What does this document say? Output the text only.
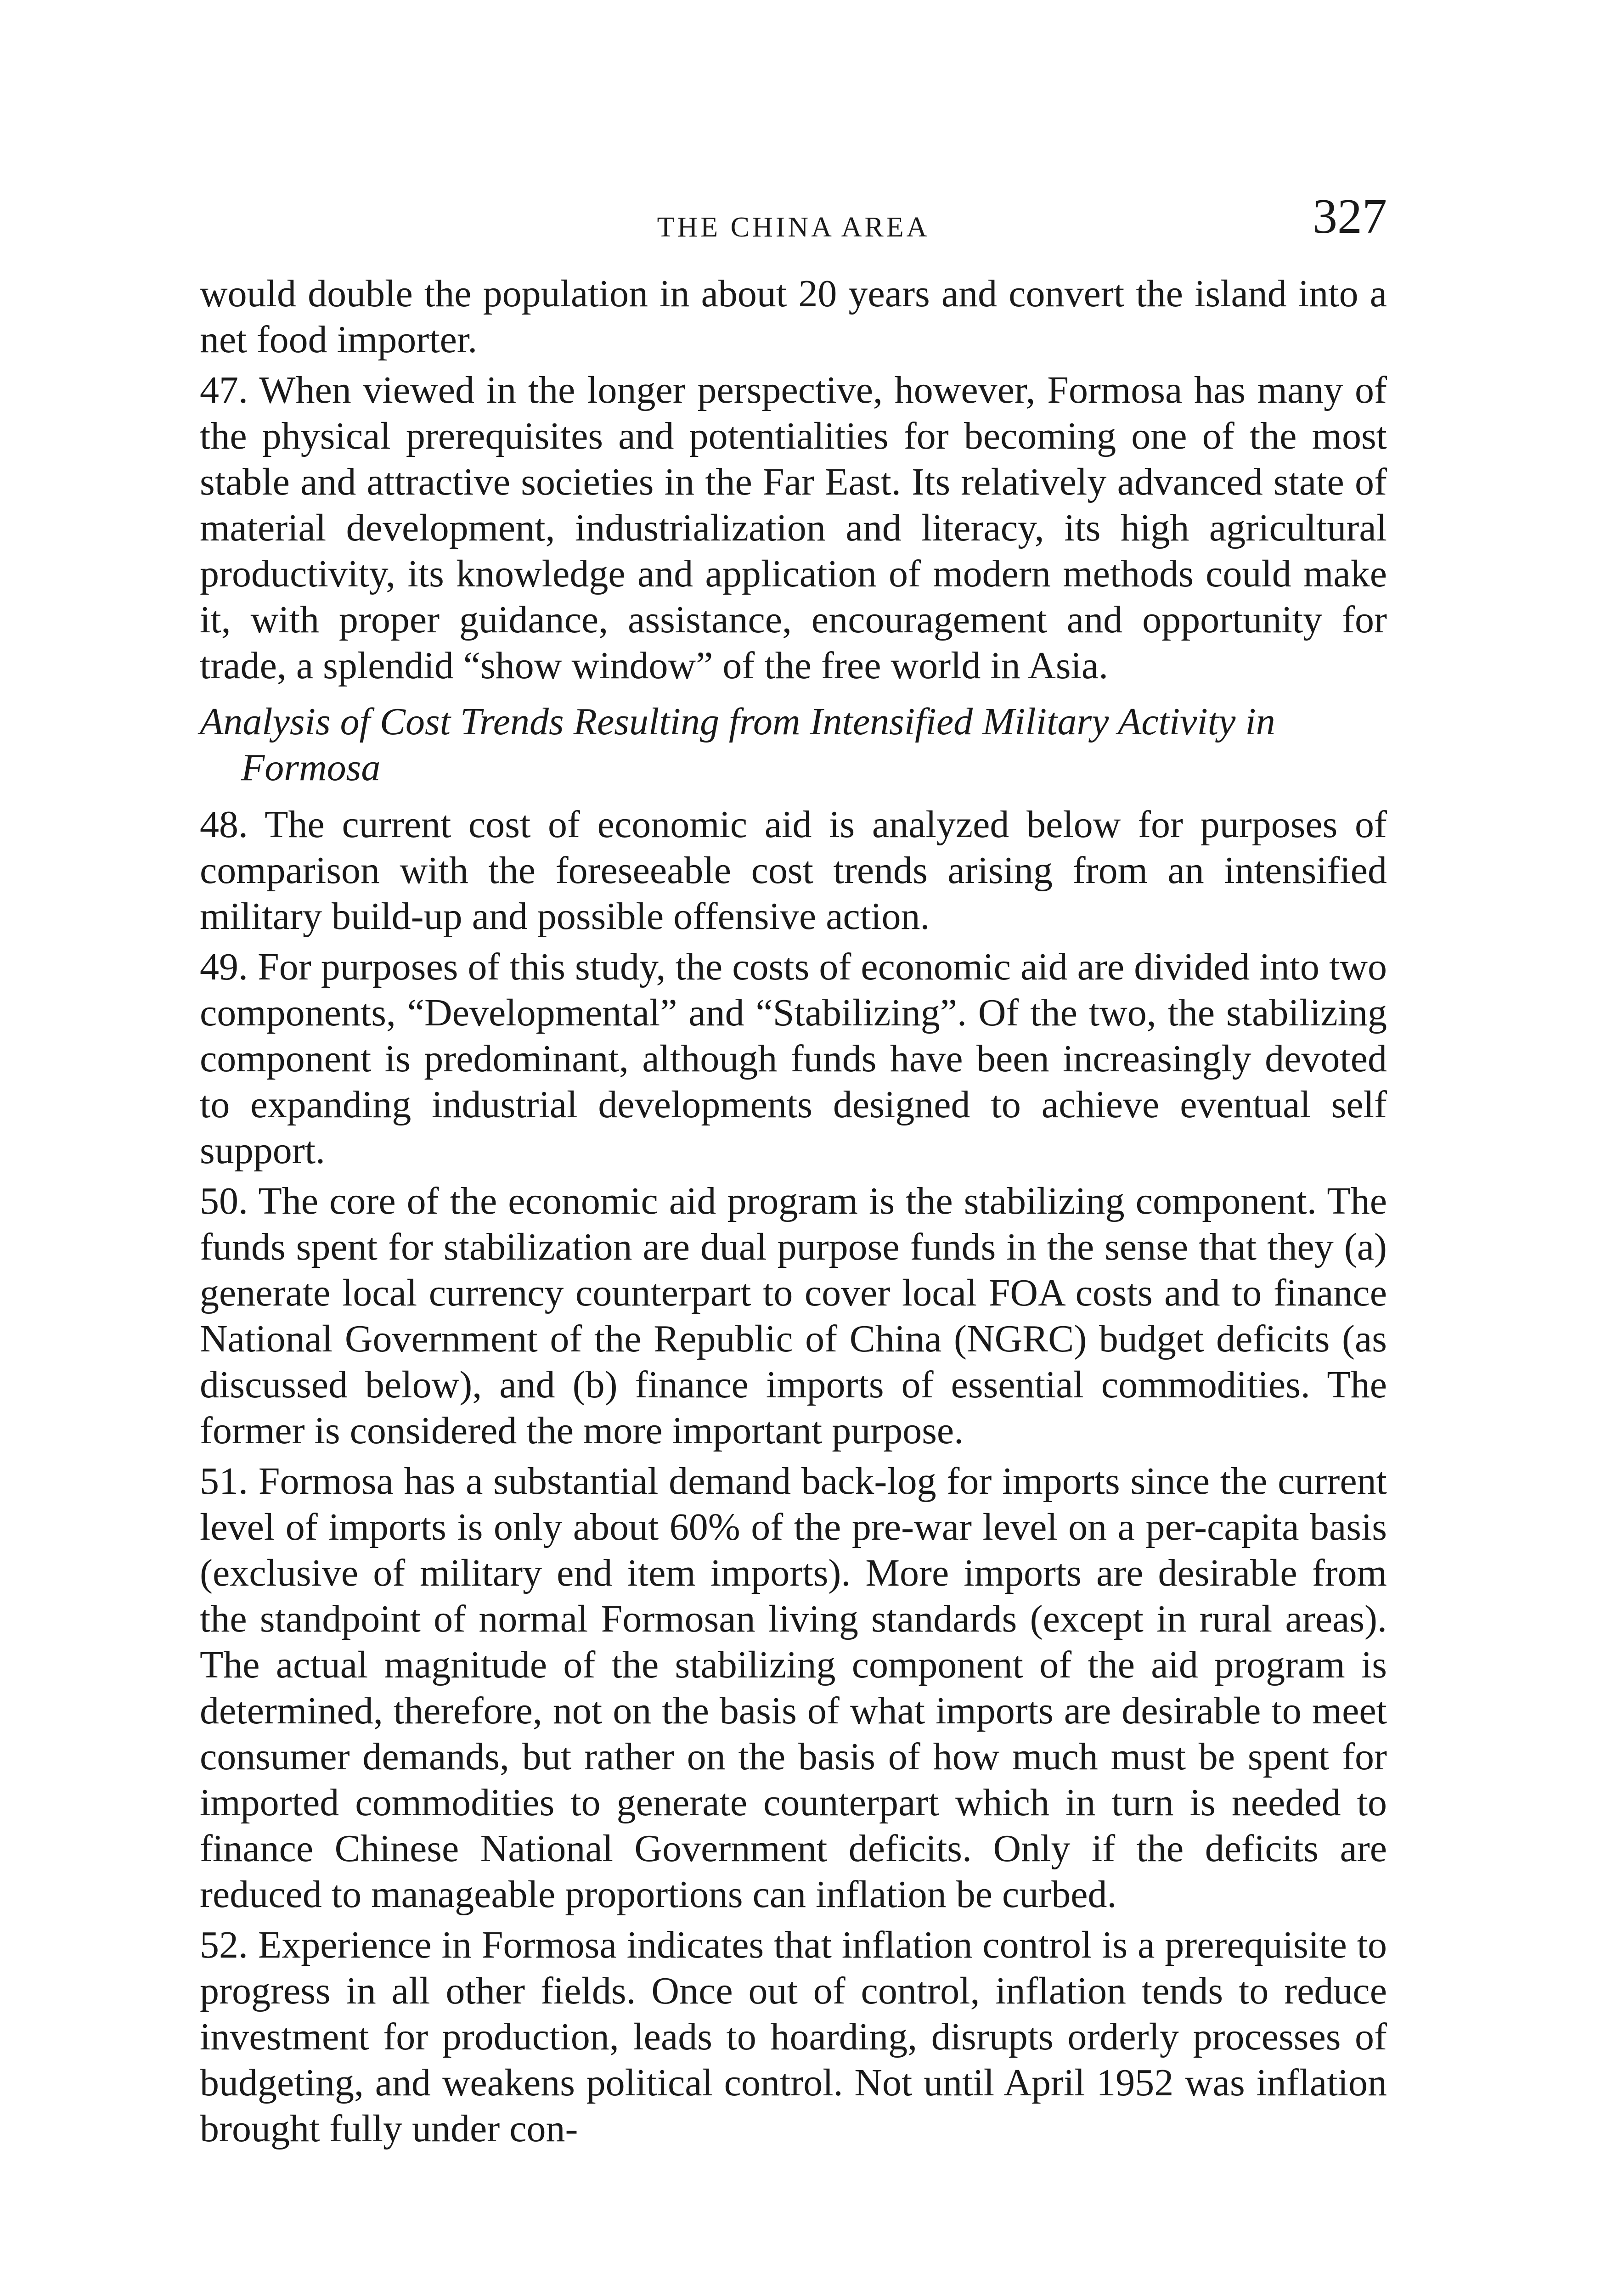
THE CHINA AREA	327

would double the population in about 20 years and convert the island into a net food importer.

47. When viewed in the longer perspective, however, Formosa has many of the physical prerequisites and potentialities for becoming one of the most stable and attractive societies in the Far East. Its relatively advanced state of material development, industrialization and literacy, its high agricultural productivity, its knowledge and application of modern methods could make it, with proper guidance, assistance, encouragement and opportunity for trade, a splendid “show window” of the free world in Asia.

Analysis of Cost Trends Resulting from Intensified Military Activity in Formosa

48. The current cost of economic aid is analyzed below for purposes of comparison with the foreseeable cost trends arising from an intensified military build-up and possible offensive action.

49. For purposes of this study, the costs of economic aid are divided into two components, “Developmental” and “Stabilizing”. Of the two, the stabilizing component is predominant, although funds have been increasingly devoted to expanding industrial developments designed to achieve eventual self support.

50. The core of the economic aid program is the stabilizing component. The funds spent for stabilization are dual purpose funds in the sense that they (a) generate local currency counterpart to cover local FOA costs and to finance National Government of the Republic of China (NGRC) budget deficits (as discussed below), and (b) finance imports of essential commodities. The former is considered the more important purpose.

51. Formosa has a substantial demand back-log for imports since the current level of imports is only about 60% of the pre-war level on a per-capita basis (exclusive of military end item imports). More imports are desirable from the standpoint of normal Formosan living standards (except in rural areas). The actual magnitude of the stabilizing component of the aid program is determined, therefore, not on the basis of what imports are desirable to meet consumer demands, but rather on the basis of how much must be spent for imported commodities to generate counterpart which in turn is needed to finance Chinese National Government deficits. Only if the deficits are reduced to manageable proportions can inflation be curbed.

52. Experience in Formosa indicates that inflation control is a prerequisite to progress in all other fields. Once out of control, inflation tends to reduce investment for production, leads to hoarding, disrupts orderly processes of budgeting, and weakens political control. Not until April 1952 was inflation brought fully under con-
